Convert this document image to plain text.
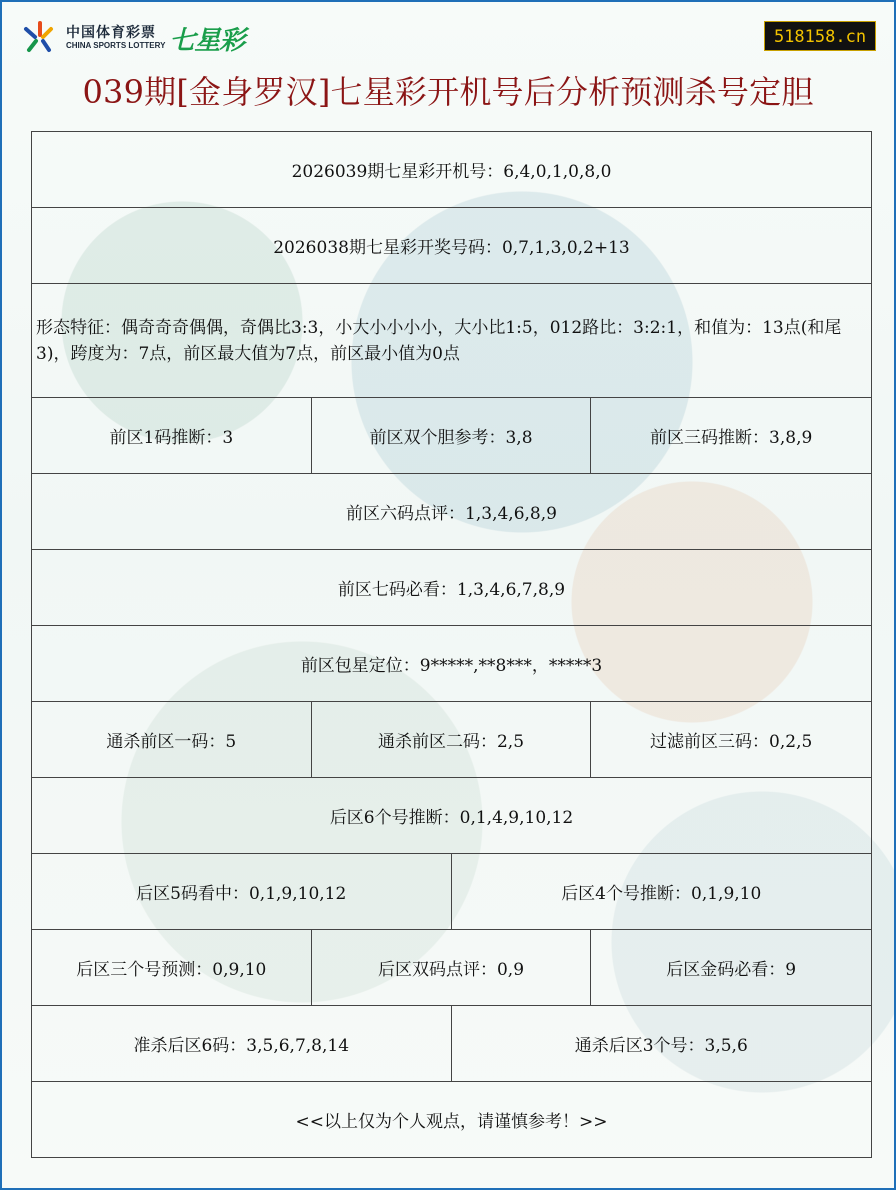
中国体育彩票
CHINA SPORTS LOTTERY 七星彩	518158.cn
039期[金身罗汉]七星彩开机号后分析预测杀号定胆
2026039期七星彩开机号：6,4,0,1,0,8,0
2026038期七星彩开奖号码：0,7,1,3,0,2+13
形态特征：偶奇奇奇偶偶，奇偶比3:3，小大小小小小，大小比1:5，012路比：3:2:1，和值为：13点(和尾3)，跨度为：7点，前区最大值为7点，前区最小值为0点
前区1码推断：3	前区双个胆参考：3,8	前区三码推断：3,8,9
前区六码点评：1,3,4,6,8,9
前区七码必看：1,3,4,6,7,8,9
前区包星定位：9*****,**8***，*****3
通杀前区一码：5	通杀前区二码：2,5	过滤前区三码：0,2,5
后区6个号推断：0,1,4,9,10,12
后区5码看中：0,1,9,10,12	后区4个号推断：0,1,9,10
后区三个号预测：0,9,10	后区双码点评：0,9	后区金码必看：9
准杀后区6码：3,5,6,7,8,14	通杀后区3个号：3,5,6
<<以上仅为个人观点，请谨慎参考！>>
